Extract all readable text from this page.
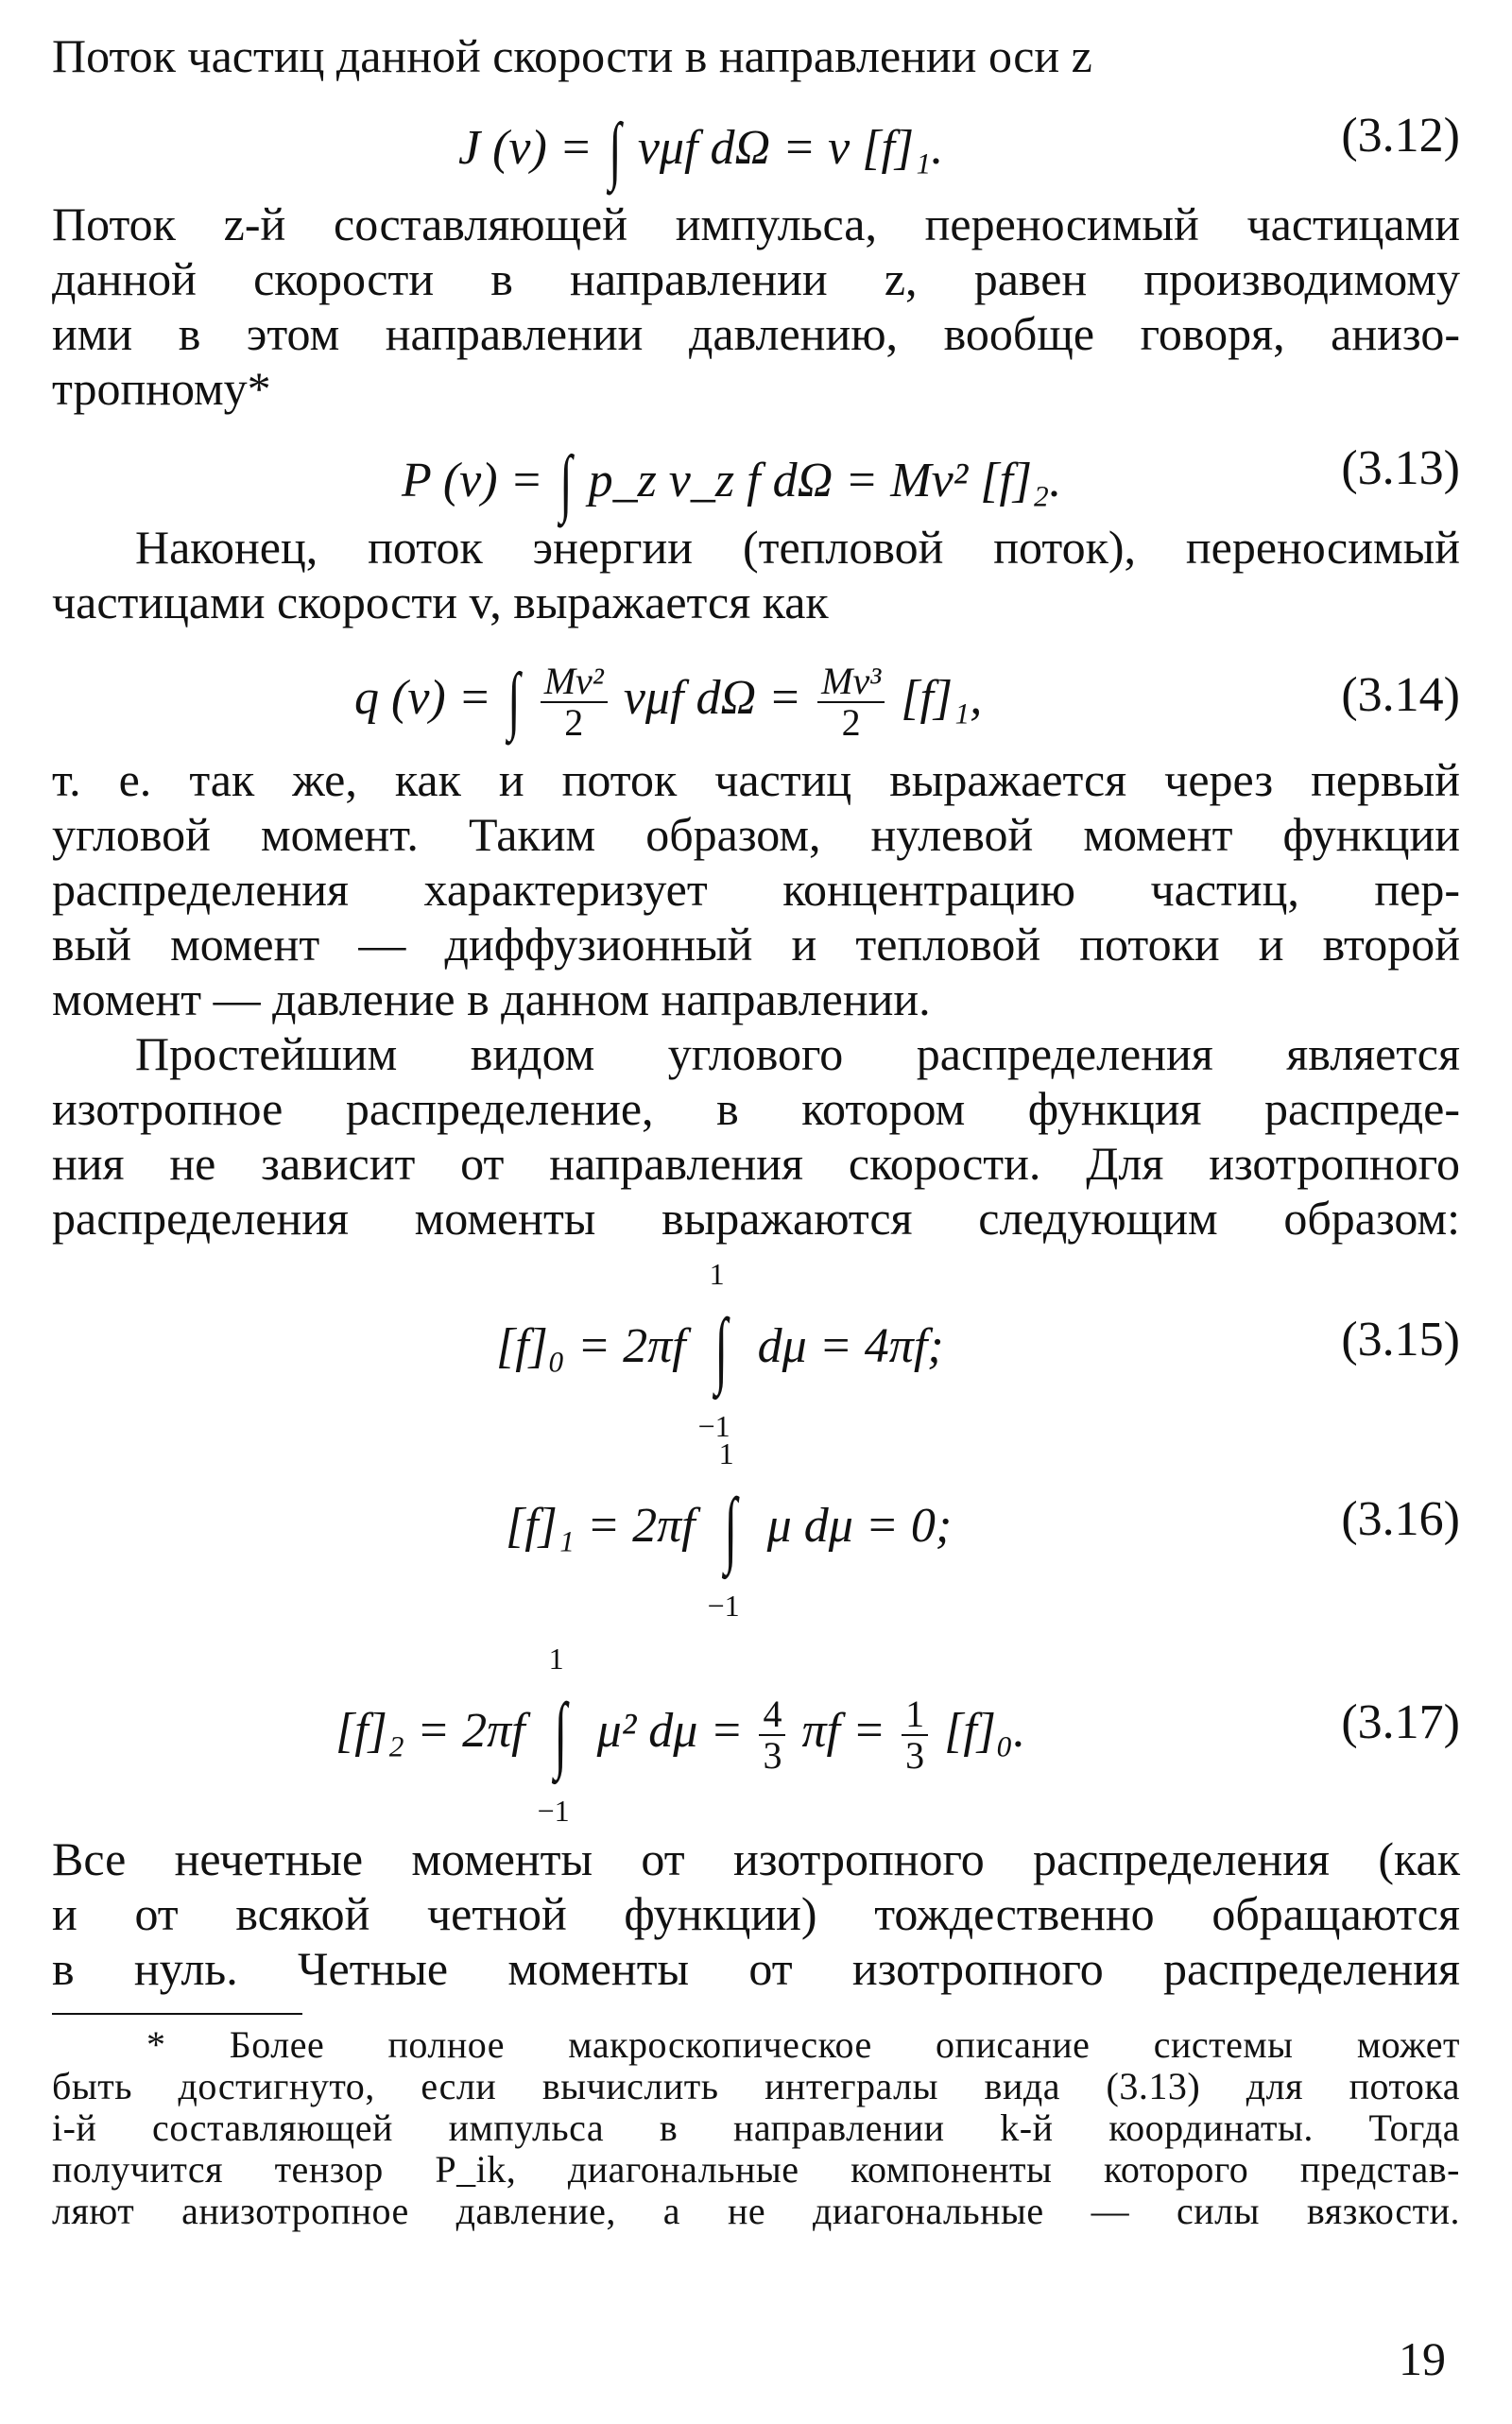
Поток частиц данной скорости в направлении оси z
J (v) = ∫ vμf dΩ = v [f]₁.	(3.12)
Поток z-й составляющей импульса, переносимый частицами
данной скорости в направлении z, равен производимому
ими в этом направлении давлению, вообще говоря, анизо-
тропному*
P (v) = ∫ p_z v_z f dΩ = Mv² [f]₂.	(3.13)
Наконец, поток энергии (тепловой поток), переносимый
частицами скорости v, выражается как
q (v) = ∫ $\frac{\text{Mv²}}{2}$ vμf $d\Omega = \frac{\text{Mv³}}{2} [f]_1$,	(3.14)
т. е. так же, как и поток частиц выражается через первый
угловой момент. Таким образом, нулевой момент функции
распределения характеризует концентрацию частиц, пер-
вый момент — диффузионный и тепловой потоки и второй
момент — давление в данном направлении.
Простейшим видом углового распределения является
изотропное распределение, в котором функция распреде-
ния не зависит от направления скорости. Для изотропного
распределения моменты выражаются следующим образом:
[f]₀ = 2πf
1
∫
−1
dμ = 4πf;	(3.15)
[f]₁ = 2πf
1
∫
−1
μ dμ = 0;	(3.16)
[f]₂ = 2πf
1
∫
−1
μ² $d\mu = \frac{4}{3}$ $\pi f = \frac{1}{3} [f]_0$.	(3.17)
Все нечетные моменты от изотропного распределения (как
и от всякой четной функции) тождественно обращаются
в нуль. Четные моменты от изотропного распределения
* Более полное макроскопическое описание системы может
быть достигнуто, если вычислить интегралы вида (3.13) для потока
i-й составляющей импульса в направлении k-й координаты. Тогда
получится тензор P_ik, диагональные компоненты которого представ-
ляют анизотропное давление, а не диагональные — силы вязкости.
19
